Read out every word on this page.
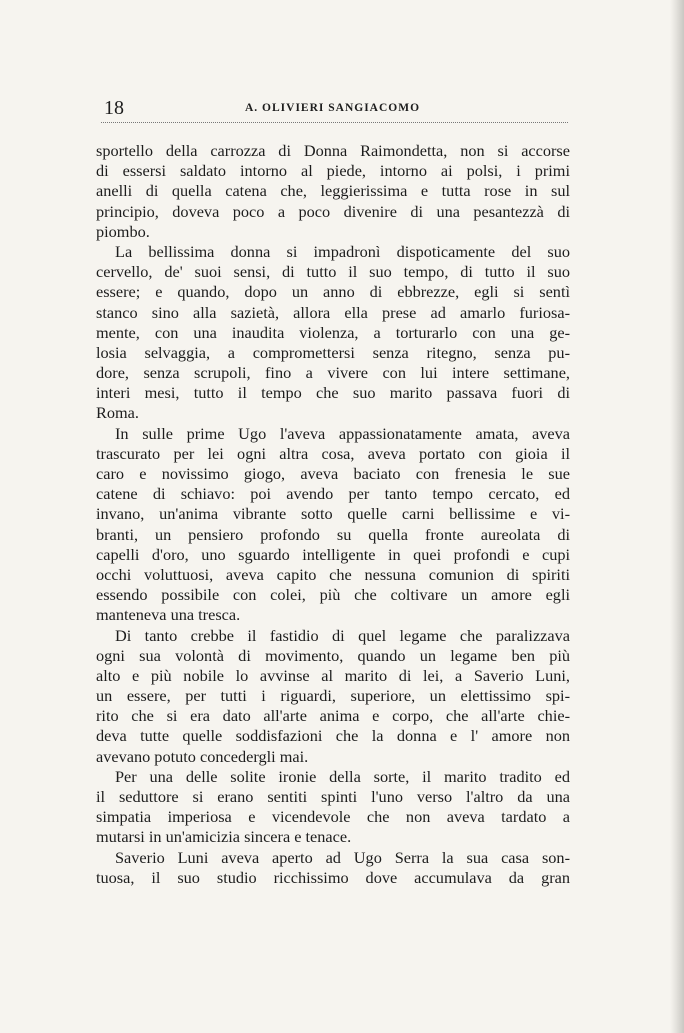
18	A. OLIVIERI SANGIACOMO
sportello della carrozza di Donna Raimondetta, non si accorse
di essersi saldato intorno al piede, intorno ai polsi, i primi
anelli di quella catena che, leggierissima e tutta rose in sul
principio, doveva poco a poco divenire di una pesantezzà di
piombo.
La bellissima donna si impadronì dispoticamente del suo
cervello, de' suoi sensi, di tutto il suo tempo, di tutto il suo
essere; e quando, dopo un anno di ebbrezze, egli si sentì
stanco sino alla sazietà, allora ella prese ad amarlo furiosa-
mente, con una inaudita violenza, a torturarlo con una ge-
losia selvaggia, a compromettersi senza ritegno, senza pu-
dore, senza scrupoli, fino a vivere con lui intere settimane,
interi mesi, tutto il tempo che suo marito passava fuori di
Roma.
In sulle prime Ugo l'aveva appassionatamente amata, aveva
trascurato per lei ogni altra cosa, aveva portato con gioia il
caro e novissimo giogo, aveva baciato con frenesia le sue
catene di schiavo: poi avendo per tanto tempo cercato, ed
invano, un'anima vibrante sotto quelle carni bellissime e vi-
branti, un pensiero profondo su quella fronte aureolata di
capelli d'oro, uno sguardo intelligente in quei profondi e cupi
occhi voluttuosi, aveva capito che nessuna comunion di spiriti
essendo possibile con colei, più che coltivare un amore egli
manteneva una tresca.
Di tanto crebbe il fastidio di quel legame che paralizzava
ogni sua volontà di movimento, quando un legame ben più
alto e più nobile lo avvinse al marito di lei, a Saverio Luni,
un essere, per tutti i riguardi, superiore, un elettissimo spi-
rito che si era dato all'arte anima e corpo, che all'arte chie-
deva tutte quelle soddisfazioni che la donna e l' amore non
avevano potuto concedergli mai.
Per una delle solite ironie della sorte, il marito tradito ed
il seduttore si erano sentiti spinti l'uno verso l'altro da una
simpatia imperiosa e vicendevole che non aveva tardato a
mutarsi in un'amicizia sincera e tenace.
Saverio Luni aveva aperto ad Ugo Serra la sua casa son-
tuosa, il suo studio ricchissimo dove accumulava da gran
